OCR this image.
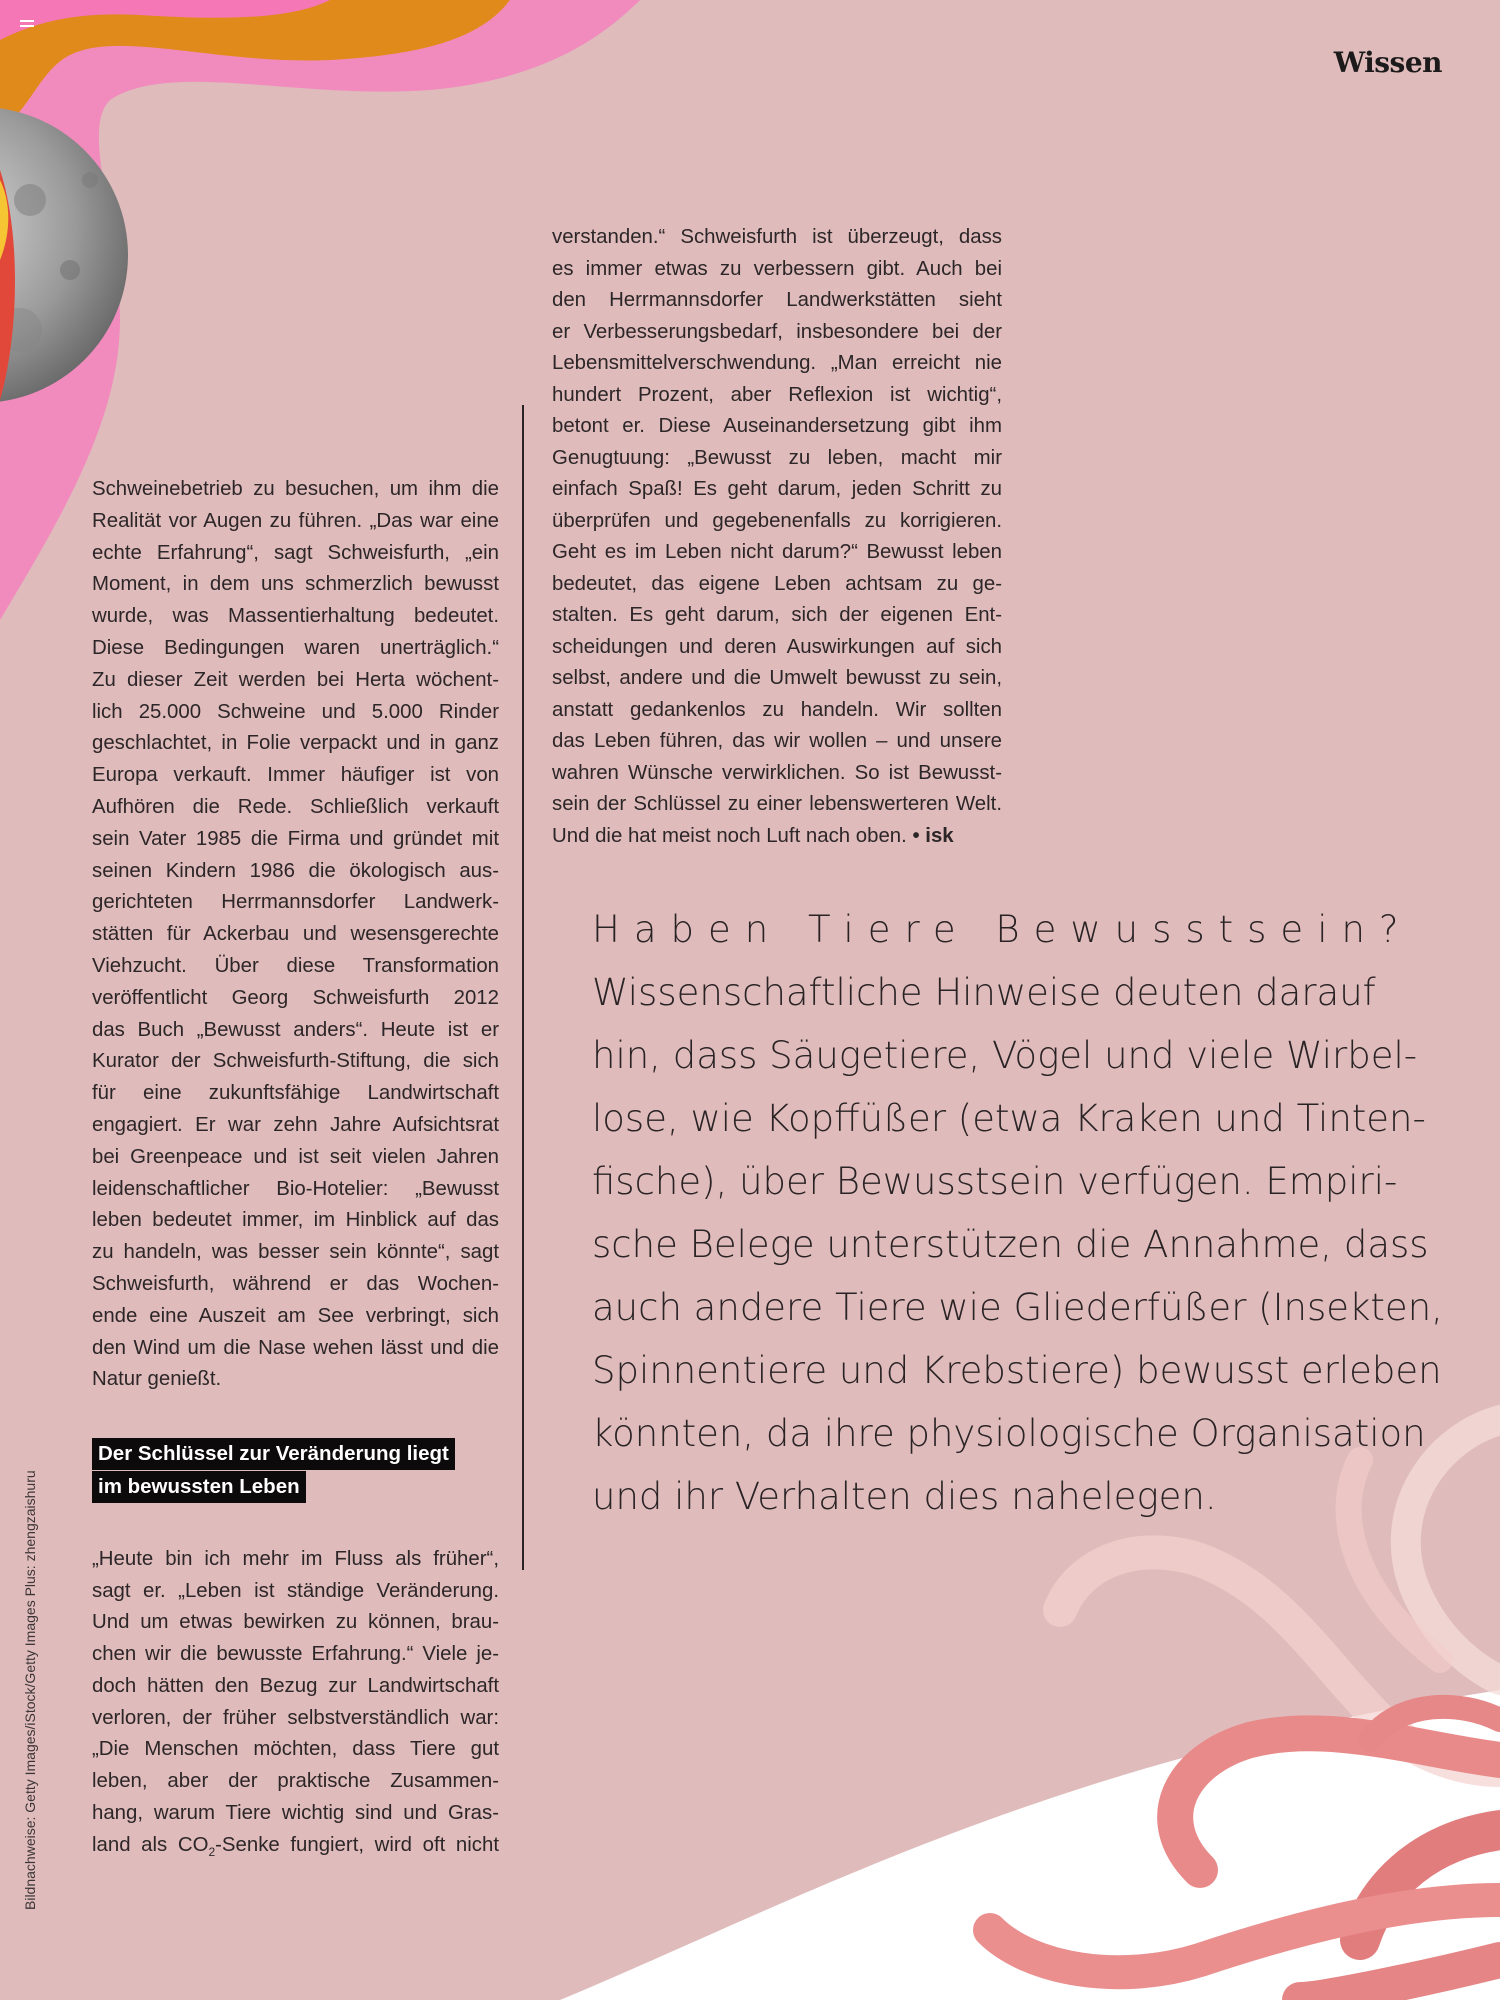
Wissen
Schweinebetrieb zu besuchen, um ihm die
Realität vor Augen zu führen. „Das war eine
echte Erfahrung“, sagt Schweisfurth, „ein
Moment, in dem uns schmerzlich bewusst
wurde, was Massentierhaltung bedeutet.
Diese Bedingungen waren unerträglich.“
Zu dieser Zeit werden bei Herta wöchent-
lich 25.000 Schweine und 5.000 Rinder
geschlachtet, in Folie verpackt und in ganz
Europa verkauft. Immer häufiger ist von
Aufhören die Rede. Schließlich verkauft
sein Vater 1985 die Firma und gründet mit
seinen Kindern 1986 die ökologisch aus-
gerichteten Herrmannsdorfer Landwerk-
stätten für Ackerbau und wesensgerechte
Viehzucht. Über diese Transformation
veröffentlicht Georg Schweisfurth 2012
das Buch „Bewusst anders“. Heute ist er
Kurator der Schweisfurth-Stiftung, die sich
für eine zukunftsfähige Landwirtschaft
engagiert. Er war zehn Jahre Aufsichtsrat
bei Greenpeace und ist seit vielen Jahren
leidenschaftlicher Bio-Hotelier: „Bewusst
leben bedeutet immer, im Hinblick auf das
zu handeln, was besser sein könnte“, sagt
Schweisfurth, während er das Wochen-
ende eine Auszeit am See verbringt, sich
den Wind um die Nase wehen lässt und die
Natur genießt.
Der Schlüssel zur Veränderung liegt
im bewussten Leben
„Heute bin ich mehr im Fluss als früher“,
sagt er. „Leben ist ständige Veränderung.
Und um etwas bewirken zu können, brau-
chen wir die bewusste Erfahrung.“ Viele je-
doch hätten den Bezug zur Landwirtschaft
verloren, der früher selbstverständlich war:
„Die Menschen möchten, dass Tiere gut
leben, aber der praktische Zusammen-
hang, warum Tiere wichtig sind und Gras-
land als $CO_2$-Senke fungiert, wird oft nicht
verstanden.“ Schweisfurth ist überzeugt, dass
es immer etwas zu verbessern gibt. Auch bei
den Herrmannsdorfer Landwerkstätten sieht
er Verbesserungsbedarf, insbesondere bei der
Lebensmittelverschwendung. „Man erreicht nie
hundert Prozent, aber Reflexion ist wichtig“,
betont er. Diese Auseinandersetzung gibt ihm
Genugtuung: „Bewusst zu leben, macht mir
einfach Spaß! Es geht darum, jeden Schritt zu
überprüfen und gegebenenfalls zu korrigieren.
Geht es im Leben nicht darum?“ Bewusst leben
bedeutet, das eigene Leben achtsam zu ge-
stalten. Es geht darum, sich der eigenen Ent-
scheidungen und deren Auswirkungen auf sich
selbst, andere und die Umwelt bewusst zu sein,
anstatt gedankenlos zu handeln. Wir sollten
das Leben führen, das wir wollen – und unsere
wahren Wünsche verwirklichen. So ist Bewusst-
sein der Schlüssel zu einer lebenswerteren Welt.
Und die hat meist noch Luft nach oben. • isk
Haben Tiere Bewusstsein?
Wissenschaftliche Hinweise deuten darauf
hin, dass Säugetiere, Vögel und viele Wirbel-
lose, wie Kopffüßer (etwa Kraken und Tinten-
fische), über Bewusstsein verfügen. Empiri-
sche Belege unterstützen die Annahme, dass
auch andere Tiere wie Gliederfüßer (Insekten,
Spinnentiere und Krebstiere) bewusst erleben
könnten, da ihre physiologische Organisation
und ihr Verhalten dies nahelegen.
Bildnachweise: Getty Images/iStock/Getty Images Plus: zhengzaishuru
